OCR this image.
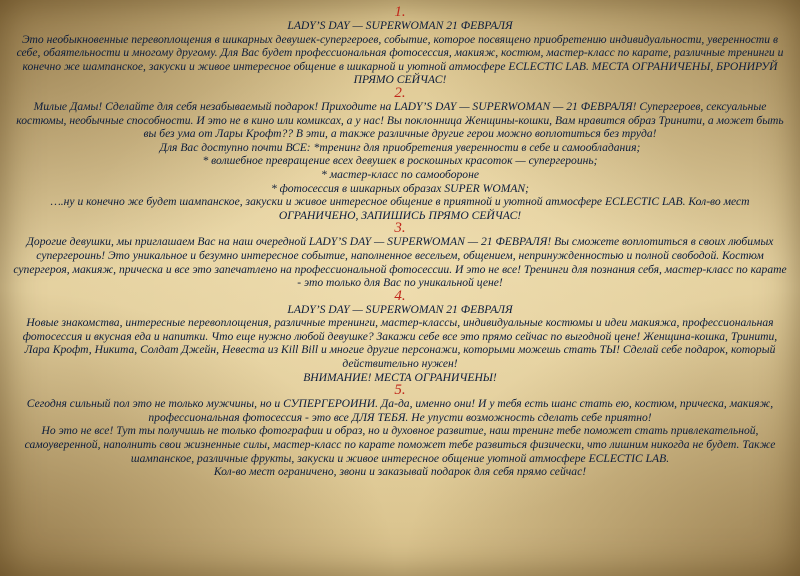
1.

LADY’S DAY — SUPERWOMAN 21 ФЕВРАЛЯ

Это необыкновенные перевоплощения в шикарных девушек-супергероев, событие, которое посвящено приобретению индивидуальности, уверенности в себе, обаятельности и многому другому. Для Вас будет профессиональная фотосессия, макияж, костюм, мастер-класс по карате, различные тренинги и конечно же шампанское, закуски и живое интересное общение в шикарной и уютной атмосфере ECLECTIC LAB. МЕСТА ОГРАНИЧЕНЫ, БРОНИРУЙ ПРЯМО СЕЙЧАС!

2.

Милые Дамы! Сделайте для себя незабываемый подарок! Приходите на LADY’S DAY — SUPERWOMAN — 21 ФЕВРАЛЯ! Супергероев, сексуальные костюмы, необычные способности. И это не в кино или комиксах, а у нас! Вы поклонница Женщины-кошки, Вам нравится образ Тринити, а может быть вы без ума от Лары Крофт?? В эти, а также различные другие герои можно воплотиться без труда!

Для Вас доступно почти ВСЕ: *тренинг для приобретения уверенности в себе и самообладания;

* волшебное превращение всех девушек в роскошных красоток — супергероинь;

* мастер-класс по самообороне

* фотосессия в шикарных образах SUPER WOMAN;

….ну и конечно же будет шампанское, закуски и живое интересное общение в приятной и уютной атмосфере ECLECTIC LAB. Кол-во мест ОГРАНИЧЕНО, ЗАПИШИСЬ ПРЯМО СЕЙЧАС!

3.

Дорогие девушки, мы приглашаем Вас на наш очередной LADY’S DAY — SUPERWOMAN — 21 ФЕВРАЛЯ! Вы сможете воплотиться в своих любимых супергероинь! Это уникальное и безумно интересное событие, наполненное весельем, общением, непринужденностью и полной свободой. Костюм супергероя, макияж, прическа и все это запечатлено на профессиональной фотосессии. И это не все! Тренинги для познания себя, мастер-класс по карате - это только для Вас по уникальной цене!

4.

LADY’S DAY — SUPERWOMAN 21 ФЕВРАЛЯ

Новые знакомства, интересные перевоплощения, различные тренинги, мастер-классы, индивидуальные костюмы и идеи макияжа, профессиональная фотосессия и вкусная еда и напитки. Что еще нужно любой девушке? Закажи себе все это прямо сейчас по выгодной цене! Женщина-кошка, Тринити, Лара Крофт, Никита, Солдат Джейн, Невеста из Kill Bill и многие другие персонажи, которыми можешь стать ТЫ! Сделай себе подарок, который действительно нужен!

ВНИМАНИЕ! МЕСТА ОГРАНИЧЕНЫ!

5.

Сегодня сильный пол это не только мужчины, но и СУПЕРГЕРОИНИ. Да-да, именно они! И у тебя есть шанс стать ею, костюм, прическа, макияж, профессиональная фотосессия - это все ДЛЯ ТЕБЯ. Не упусти возможность сделать себе приятно!

Но это не все! Тут ты получишь не только фотографии и образ, но и духовное развитие, наш тренинг тебе поможет стать привлекательной, самоуверенной, наполнить свои жизненные силы, мастер-класс по карате поможет тебе развиться физически, что лишним никогда не будет. Также шампанское, различные фрукты, закуски и живое интересное общение уютной атмосфере ECLECTIC LAB.

Кол-во мест ограничено, звони и заказывай подарок для себя прямо сейчас!
